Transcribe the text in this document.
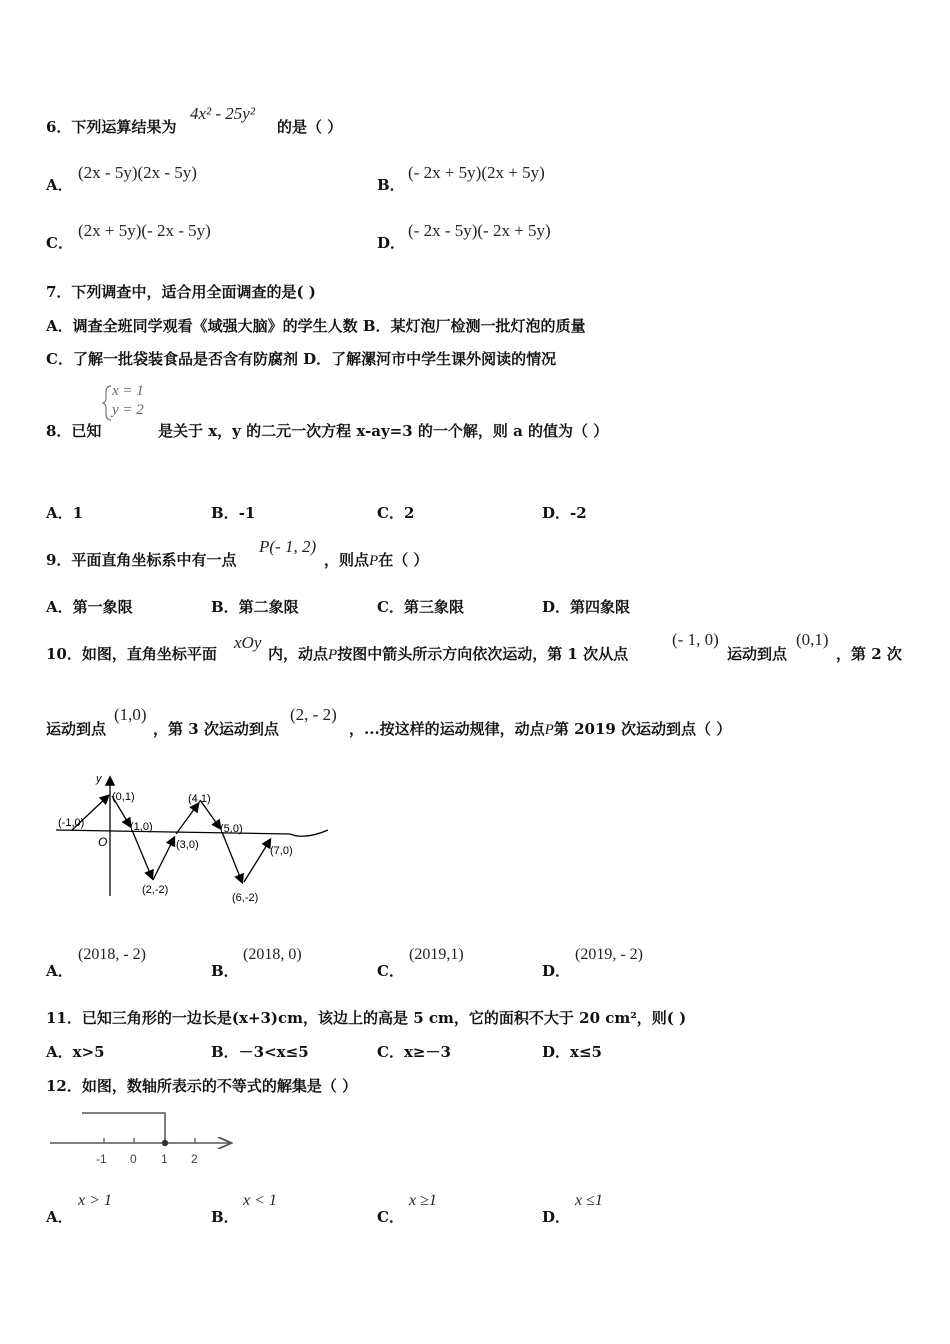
6．下列运算结果为
4x² - 25y²
的是（ ）
A．
(2x - 5y)(2x - 5y)
B．
(- 2x + 5y)(2x + 5y)
C．
(2x + 5y)(- 2x - 5y)
D．
(- 2x - 5y)(- 2x + 5y)
7．下列调查中，适合用全面调查的是( )
A．调查全班同学观看《域强大脑》的学生人数 B．某灯泡厂检测一批灯泡的质量
C．了解一批袋装食品是否含有防腐剂 D．了解漯河市中学生课外阅读的情况
8．已知
x = 1
y = 2
是关于 x，y 的二元一次方程 x-ay=3 的一个解，则 a 的值为（ ）
A．1	B．-1	C．2	D．-2
9．平面直角坐标系中有一点
P(- 1, 2)
，则点P在（ ）
A．第一象限	C．第三象限
B．第二象限	D．第四象限
10．如图，直角坐标平面
xOy
内，动点P按图中箭头所示方向依次运动，第 1 次从点
(- 1, 0)
运动到点
(0,1)
，第 2 次
运动到点
(1,0)
，第 3 次运动到点
(2, - 2)
，...按这样的运动规律，动点P第 2019 次运动到点（ ）
y
O
(-1,0)
(0,1)
(1,0)
(2,-2)
(3,0)
(4,1)
(5,0)
(6,-2)
(7,0)
A．
(2018, - 2)
B．
(2018, 0)
C．
(2019,1)
D．
(2019, - 2)
11．已知三角形的一边长是(x+3)cm，该边上的高是 5 cm，它的面积不大于 20 cm²，则( )
A．x>5	B．－3<x≤5	C．x≥－3	D．x≤5
12．如图，数轴所表示的不等式的解集是（ ）
-1 0 1 2
A．
x > 1
B．
x < 1
C．
x ≥1
D．
x ≤1
